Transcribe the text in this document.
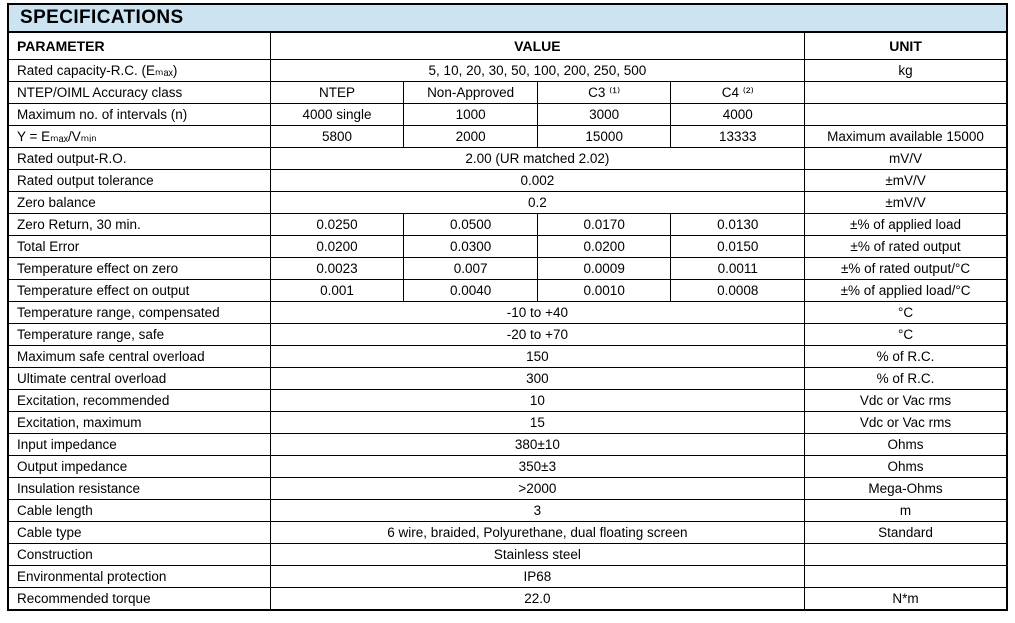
SPECIFICATIONS
PARAMETER	VALUE				UNIT
Rated capacity-R.C. (Eₘₐₓ)	5, 10, 20, 30, 50, 100, 200, 250, 500				kg
NTEP/OIML Accuracy class	NTEP	Non-Approved	C3 ⁽¹⁾	C4 ⁽²⁾	
Maximum no. of intervals (n)	4000 single	1000	3000	4000	
Y = Eₘₐₓ/Vₘᵢₙ	5800	2000	15000	13333	Maximum available 15000
Rated output-R.O.	2.00 (UR matched 2.02)				mV/V
Rated output tolerance	0.002				±mV/V
Zero balance	0.2				±mV/V
Zero Return, 30 min.	0.0250	0.0500	0.0170	0.0130	±% of applied load
Total Error	0.0200	0.0300	0.0200	0.0150	±% of rated output
Temperature effect on zero	0.0023	0.007	0.0009	0.0011	±% of rated output/°C
Temperature effect on output	0.001	0.0040	0.0010	0.0008	±% of applied load/°C
Temperature range, compensated	-10 to +40				°C
Temperature range, safe	-20 to +70				°C
Maximum safe central overload	150				% of R.C.
Ultimate central overload	300				% of R.C.
Excitation, recommended	10				Vdc or Vac rms
Excitation, maximum	15				Vdc or Vac rms
Input impedance	380±10				Ohms
Output impedance	350±3				Ohms
Insulation resistance	>2000				Mega-Ohms
Cable length	3				m
Cable type	6 wire, braided, Polyurethane, dual floating screen				Standard
Construction	Stainless steel				
Environmental protection	IP68				
Recommended torque	22.0				N*m
